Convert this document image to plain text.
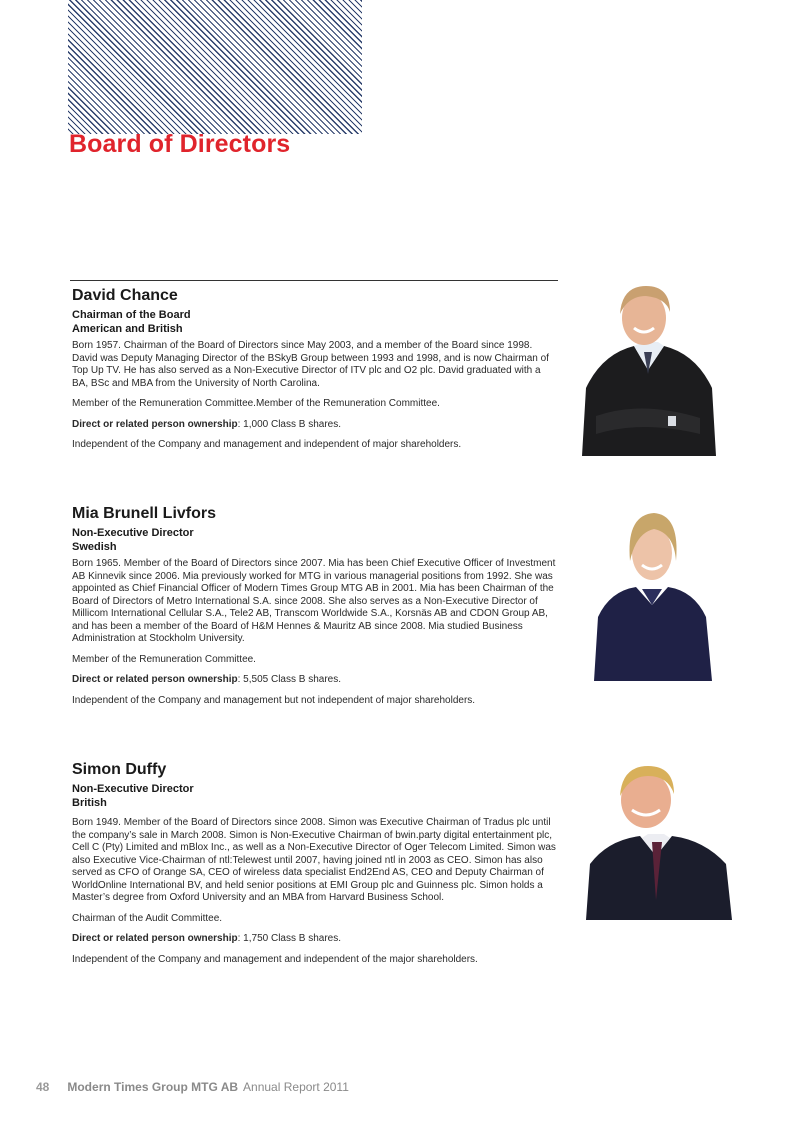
Board of Directors
David Chance
Chairman of the Board
American and British

Born 1957. Chairman of the Board of Directors since May 2003, and a member of the Board since 1998. David was Deputy Managing Director of the BSkyB Group between 1993 and 1998, and is now Chairman of Top Up TV. He has also served as a Non-Executive Director of ITV plc and O2 plc. David graduated with a BA, BSc and MBA from the University of North Carolina.

Member of the Remuneration Committee.Member of the Remuneration Committee.

Direct or related person ownership: 1,000 Class B shares.

Independent of the Company and management and independent of major shareholders.

Mia Brunell Livfors
Non-Executive Director
Swedish

Born 1965. Member of the Board of Directors since 2007. Mia has been Chief Executive Officer of Investment AB Kinnevik since 2006. Mia previously worked for MTG in various managerial positions from 1992. She was appointed as Chief Financial Officer of Modern Times Group MTG AB in 2001. Mia has been Chairman of the Board of Directors of Metro International S.A. since 2008. She also serves as a Non-Executive Director of Millicom International Cellular S.A., Tele2 AB, Transcom Worldwide S.A., Korsnäs AB and CDON Group AB, and has been a member of the Board of H&M Hennes & Mauritz AB since 2008. Mia studied Business Administration at Stockholm University.

Member of the Remuneration Committee.

Direct or related person ownership: 5,505 Class B shares.

Independent of the Company and management but not independent of major shareholders.

Simon Duffy
Non-Executive Director
British

Born 1949. Member of the Board of Directors since 2008. Simon was Executive Chairman of Tradus plc until the company’s sale in March 2008. Simon is Non-Executive Chairman of bwin.party digital entertainment plc, Cell C (Pty) Limited and mBlox Inc., as well as a Non-Executive Director of Oger Telecom Limited. Simon was also Executive Vice-Chairman of ntl:Telewest until 2007, having joined ntl in 2003 as CEO. Simon has also served as CFO of Orange SA, CEO of wireless data specialist End2End AS, CEO and Deputy Chairman of WorldOnline International BV, and held senior positions at EMI Group plc and Guinness plc. Simon holds a Master’s degree from Oxford University and an MBA from Harvard Business School.

Chairman of the Audit Committee.

Direct or related person ownership: 1,750 Class B shares.

Independent of the Company and management and independent of the major shareholders.

48 Modern Times Group MTG AB Annual Report 2011
